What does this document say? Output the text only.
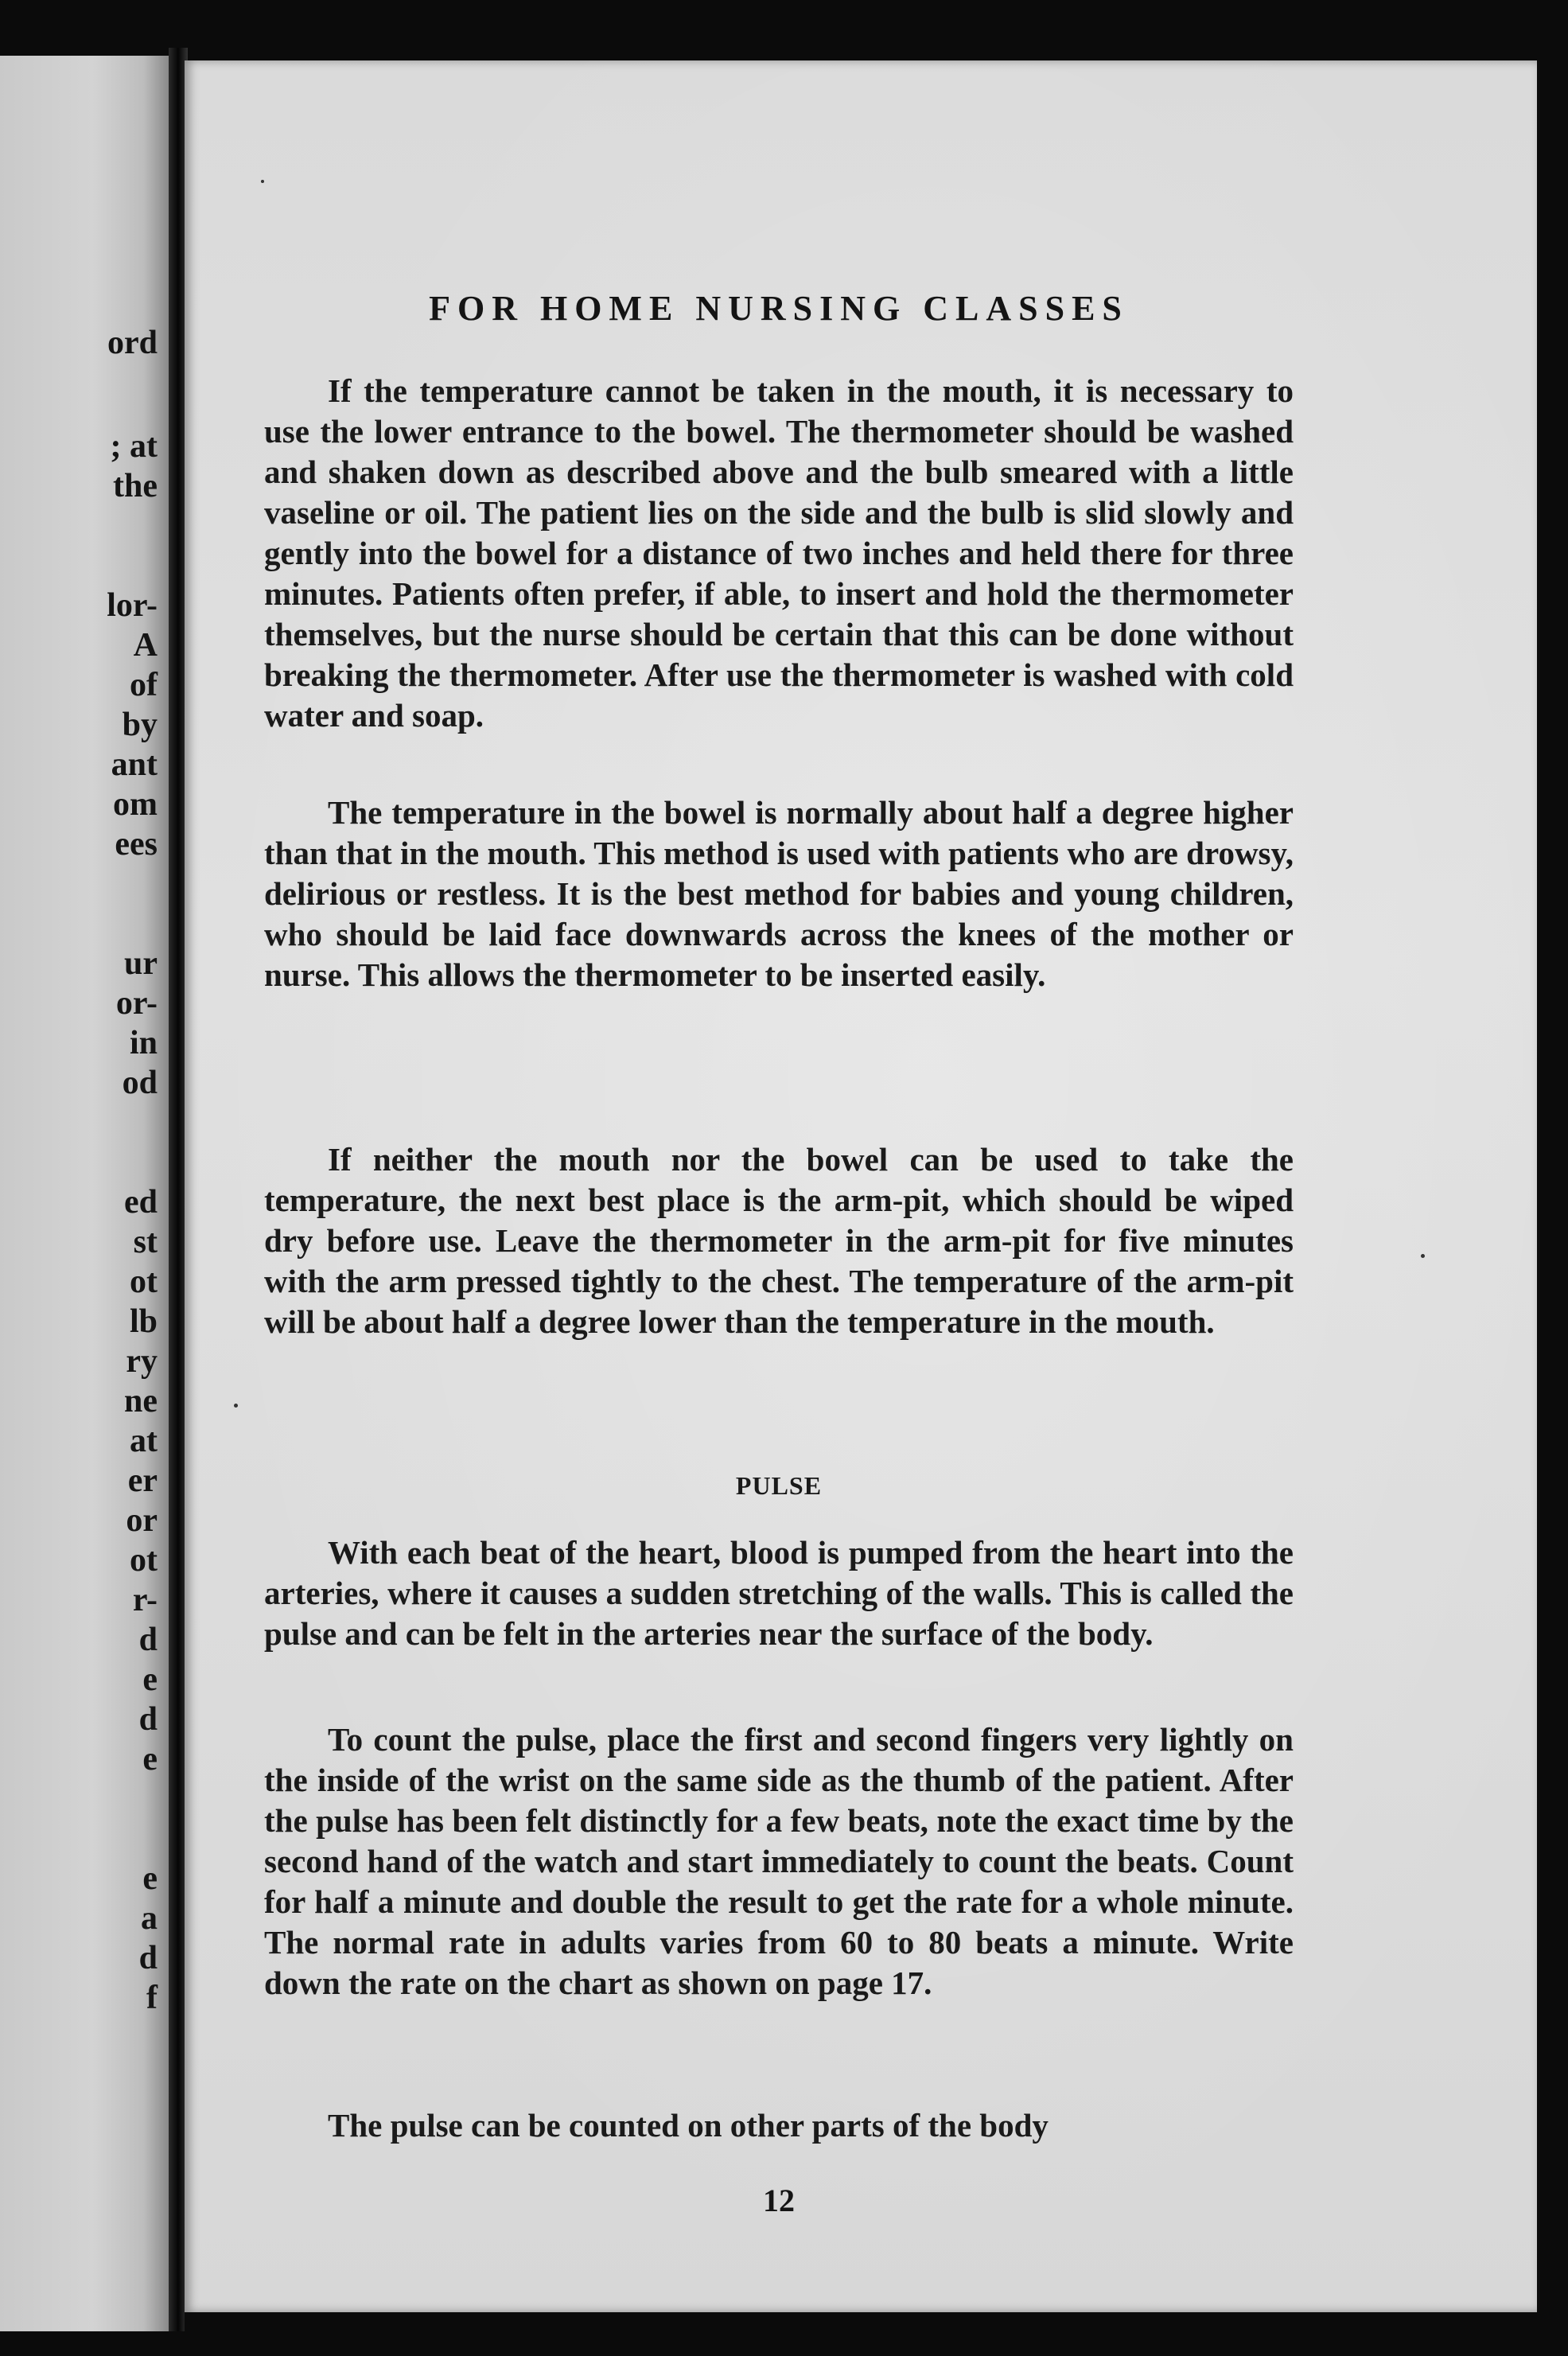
ord
; at
the
lor-
A
of
by
ant
om
ees
ur
or-
in
od
ed
st
ot
lb
ry
ne
at
er
or
ot
r-
d
e
d
e
e
a
d
f
FOR HOME NURSING CLASSES
If the temperature cannot be taken in the mouth, it is necessary to use the lower entrance to the bowel. The thermometer should be washed and shaken down as described above and the bulb smeared with a little vaseline or oil. The patient lies on the side and the bulb is slid slowly and gently into the bowel for a distance of two inches and held there for three minutes. Patients often prefer, if able, to insert and hold the thermometer themselves, but the nurse should be certain that this can be done without breaking the thermometer. After use the thermometer is washed with cold water and soap.
The temperature in the bowel is normally about half a degree higher than that in the mouth. This method is used with patients who are drowsy, delirious or restless. It is the best method for babies and young children, who should be laid face downwards across the knees of the mother or nurse. This allows the thermometer to be inserted easily.
If neither the mouth nor the bowel can be used to take the temperature, the next best place is the arm-pit, which should be wiped dry before use. Leave the thermometer in the arm-pit for five minutes with the arm pressed tightly to the chest. The temperature of the arm-pit will be about half a degree lower than the temperature in the mouth.
PULSE
With each beat of the heart, blood is pumped from the heart into the arteries, where it causes a sudden stretching of the walls. This is called the pulse and can be felt in the arteries near the surface of the body.
To count the pulse, place the first and second fingers very lightly on the inside of the wrist on the same side as the thumb of the patient. After the pulse has been felt distinctly for a few beats, note the exact time by the second hand of the watch and start immediately to count the beats. Count for half a minute and double the result to get the rate for a whole minute. The normal rate in adults varies from 60 to 80 beats a minute. Write down the rate on the chart as shown on page 17.
The pulse can be counted on other parts of the body
12
